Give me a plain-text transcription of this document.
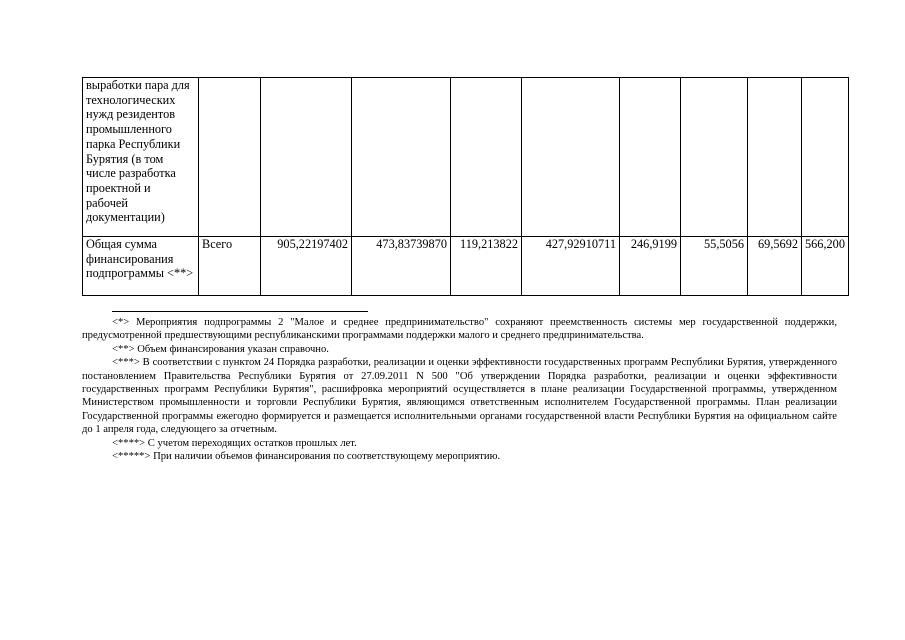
выработки пара для технологических нужд резидентов промышленного парка Республики Бурятия (в том числе разработка проектной и рабочей документации)									
Общая сумма финансирования подпрограммы <**>	Всего	905,22197402	473,83739870	119,213822	427,92910711	246,9199	55,5056	69,5692	566,200

<*> Мероприятия подпрограммы 2 "Малое и среднее предпринимательство" сохраняют преемственность системы мер государственной поддержки, предусмотренной предшествующими республиканскими программами поддержки малого и среднего предпринимательства.

<**> Объем финансирования указан справочно.

<***> В соответствии с пунктом 24 Порядка разработки, реализации и оценки эффективности государственных программ Республики Бурятия, утвержденного постановлением Правительства Республики Бурятия от 27.09.2011 N 500 "Об утверждении Порядка разработки, реализации и оценки эффективности государственных программ Республики Бурятия", расшифровка мероприятий осуществляется в плане реализации Государственной программы, утвержденном Министерством промышленности и торговли Республики Бурятия, являющимся ответственным исполнителем Государственной программы. План реализации Государственной программы ежегодно формируется и размещается исполнительными органами государственной власти Республики Бурятия на официальном сайте до 1 апреля года, следующего за отчетным.

<****> С учетом переходящих остатков прошлых лет.

<*****> При наличии объемов финансирования по соответствующему мероприятию.
